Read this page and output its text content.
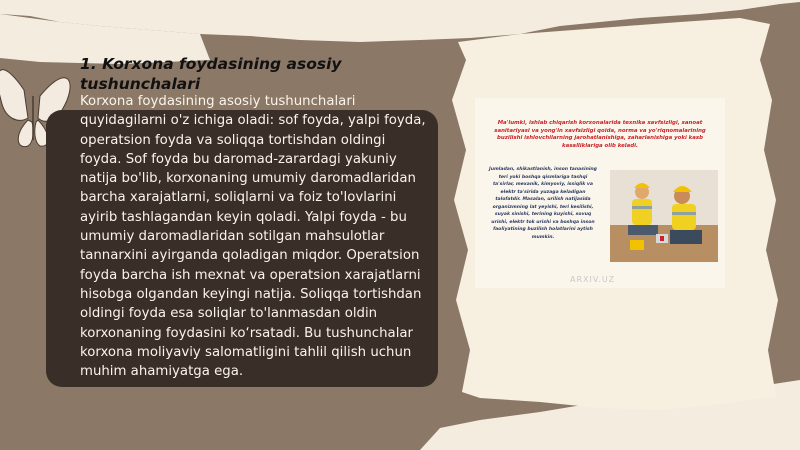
1. Korxona foydasining asosiy tushunchalari

Korxona foydasining asosiy tushunchalari quyidagilarni o'z ichiga oladi: sof foyda, yalpi foyda, operatsion foyda va soliqqa tortishdan oldingi foyda. Sof foyda bu daromad-zarardagi yakuniy natija bo'lib, korxonaning umumiy daromadlaridan barcha xarajatlarni, soliqlarni va foiz to'lovlarini ayirib tashlagandan keyin qoladi. Yalpi foyda - bu umumiy daromadlaridan sotilgan mahsulotlar tannarxini ayirganda qoladigan miqdor. Operatsion foyda barcha ish mexnat va operatsion xarajatlarni hisobga olgandan keyingi natija. Soliqqa tortishdan oldingi foyda esa soliqlar to'lanmasdan oldin korxonaning foydasini ko‘rsatadi. Bu tushunchalar korxona moliyaviy salomatligini tahlil qilish uchun muhim ahamiyatga ega.

Ma'lumki, ishlab chiqarish korxonalarida texnika xavfsizligi, sanoat sanitariyasi va yong'in xavfsizligi qoida, norma va yo'riqnomalarining buzilishi ishlovchilarning jarohatlanishiga, zaharlanishiga yoki kasb kasalliklariga olib keladi.

Jumladan, shikastlanish, inson tanasining teri yoki boshqa qismlariga tashqi ta'sirlar, mexanik, kimyoviy, issiqlik va elektr ta'sirida yuzaga keladigan talofatdir. Masalan, urilish natijasida organizmning lat yeyishi, teri kesilishi, suyak sinishi, terining kuyishi, sovuq urishi, elektr tok urishi va boshqa inson faoliyatining buzilish holatlarini aytish mumkin.

ARXIV.UZ
